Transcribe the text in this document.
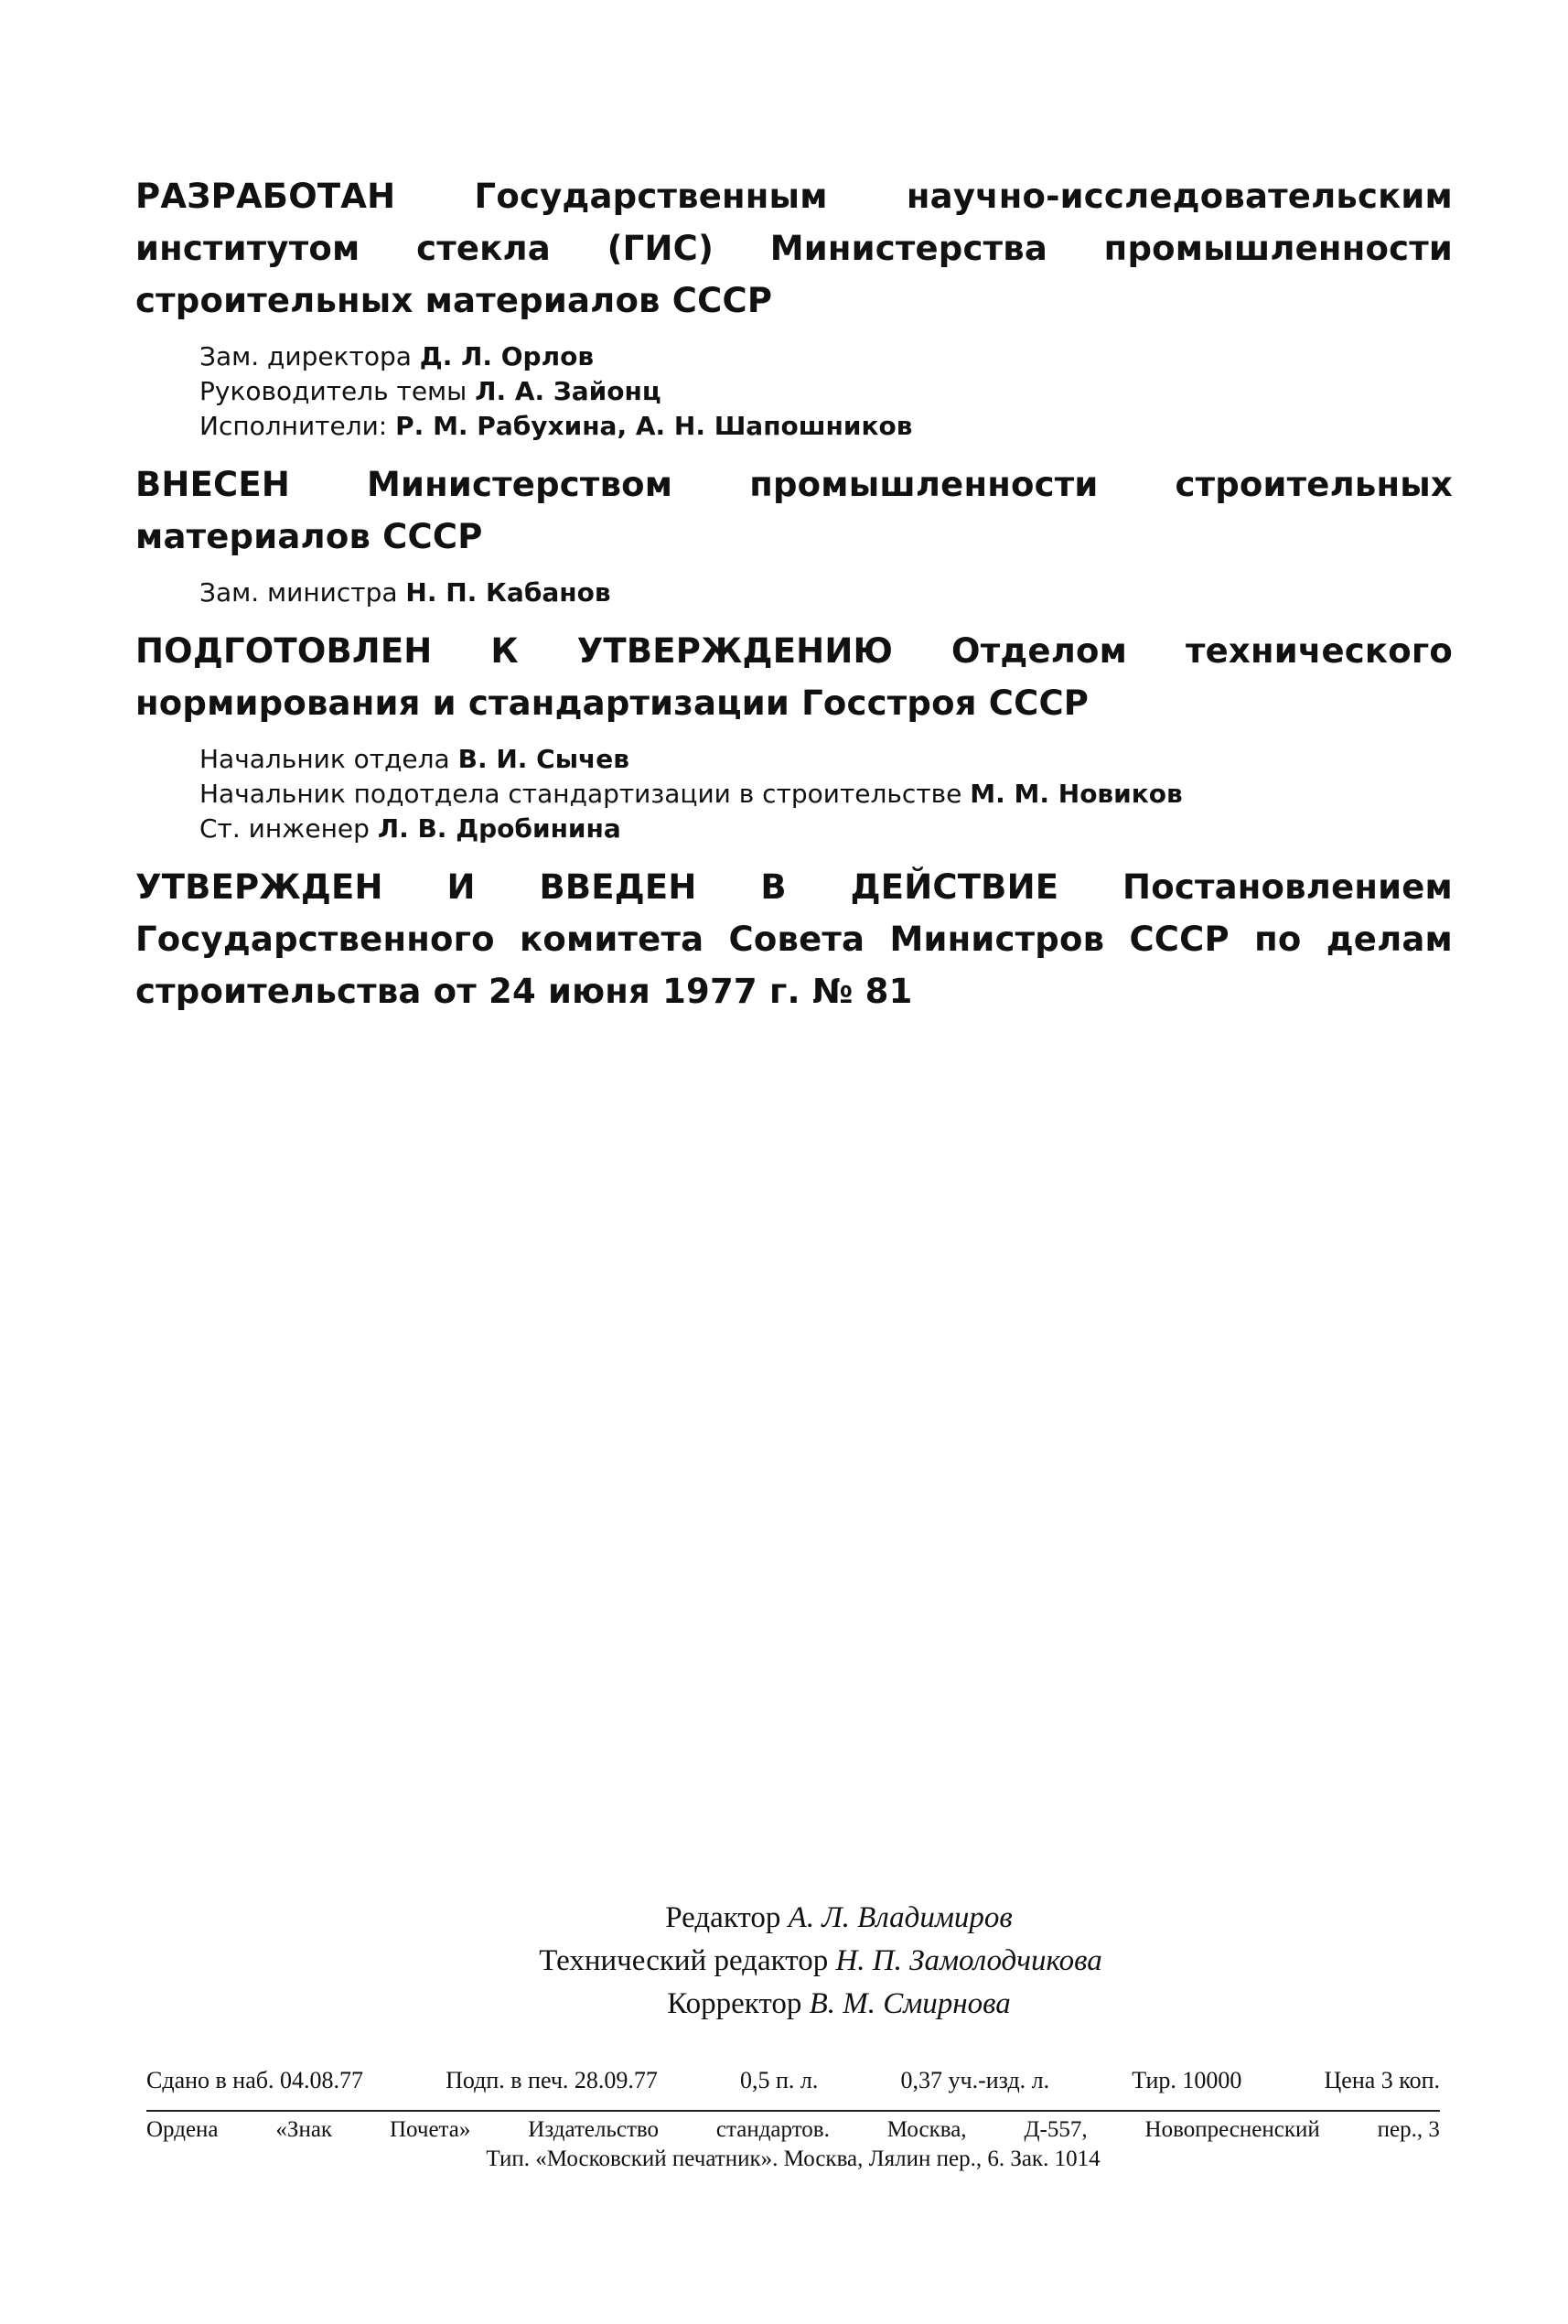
РАЗРАБОТАН Государственным научно-исследовательским институтом стекла (ГИС) Министерства промышленности строительных материалов СССР

Зам. директора Д. Л. Орлов
Руководитель темы Л. А. Зайонц
Исполнители: Р. М. Рабухина, А. Н. Шапошников

ВНЕСЕН Министерством промышленности строительных материалов СССР

Зам. министра Н. П. Кабанов

ПОДГОТОВЛЕН К УТВЕРЖДЕНИЮ Отделом технического нормирования и стандартизации Госстроя СССР

Начальник отдела В. И. Сычев
Начальник подотдела стандартизации в строительстве М. М. Новиков
Ст. инженер Л. В. Дробинина

УТВЕРЖДЕН И ВВЕДЕН В ДЕЙСТВИЕ Постановлением Государственного комитета Совета Министров СССР по делам строительства от 24 июня 1977 г. № 81

Редактор А. Л. Владимиров
Технический редактор Н. П. Замолодчикова
Корректор В. М. Смирнова
Сдано в наб. 04.08.77	Подп. в печ. 28.09.77	0,5 п. л.	0,37 уч.-изд. л.	Тир. 10000	Цена 3 коп.
Ордена	«Знак	Почета»	Издательство	стандартов.	Москва,	Д-557,	Новопресненский	пер., 3
Тип. «Московский печатник». Москва, Лялин пер., 6. Зак. 1014
